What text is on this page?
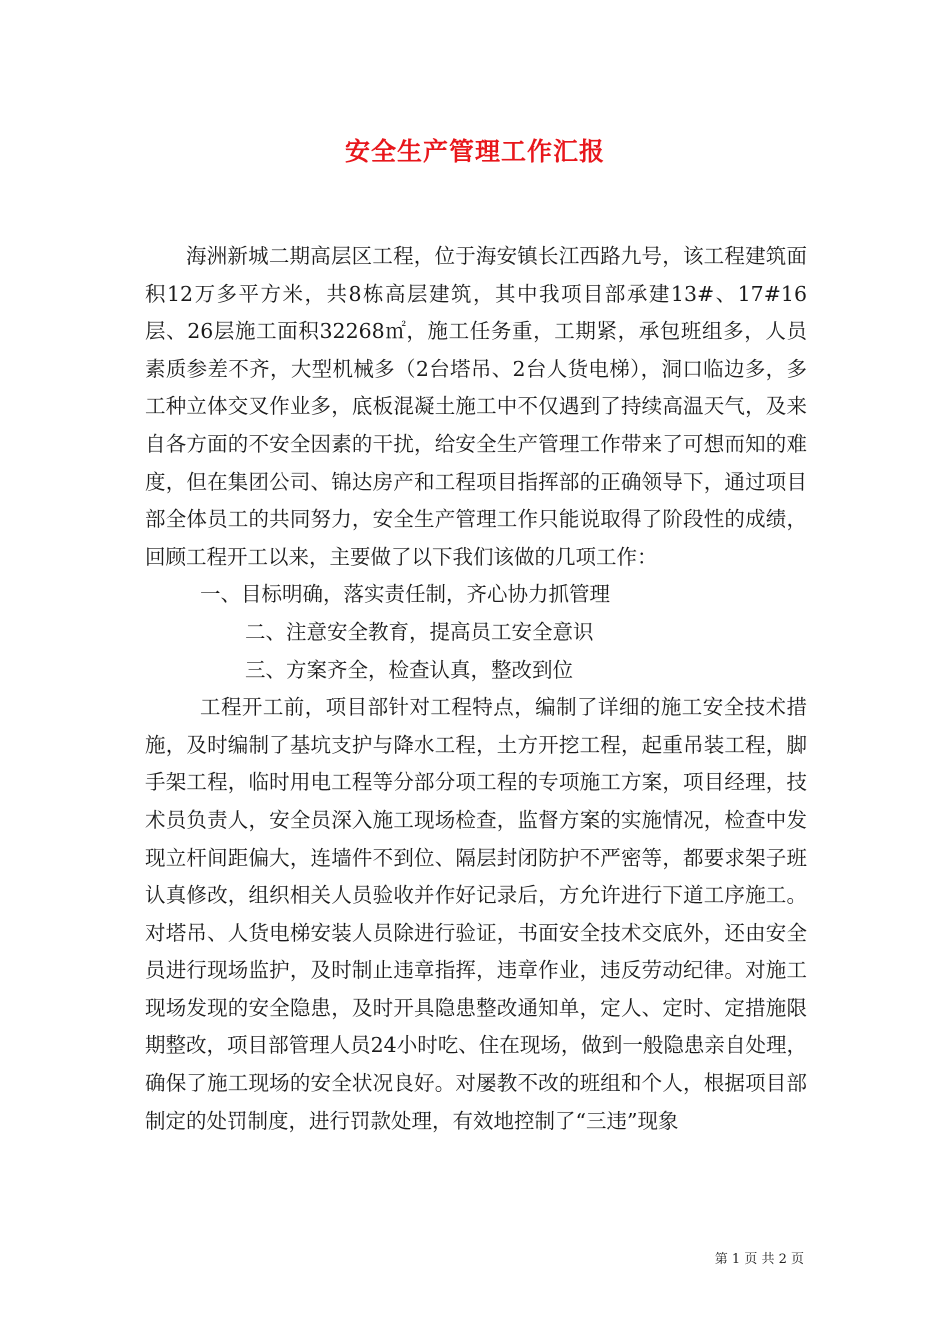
安全生产管理工作汇报

海洲新城二期高层区工程，位于海安镇长江西路九号，该工程建筑面积12万多平方米，共8栋高层建筑，其中我项目部承建13#、17#16层、26层施工面积32268㎡，施工任务重，工期紧，承包班组多，人员素质参差不齐，大型机械多（2台塔吊、2台人货电梯），洞口临边多，多工种立体交叉作业多，底板混凝土施工中不仅遇到了持续高温天气，及来自各方面的不安全因素的干扰，给安全生产管理工作带来了可想而知的难度，但在集团公司、锦达房产和工程项目指挥部的正确领导下，通过项目部全体员工的共同努力，安全生产管理工作只能说取得了阶段性的成绩，回顾工程开工以来，主要做了以下我们该做的几项工作：

一、目标明确，落实责任制，齐心协力抓管理

二、注意安全教育，提高员工安全意识

三、方案齐全，检查认真，整改到位

工程开工前，项目部针对工程特点，编制了详细的施工安全技术措施，及时编制了基坑支护与降水工程，土方开挖工程，起重吊装工程，脚手架工程，临时用电工程等分部分项工程的专项施工方案，项目经理，技术员负责人，安全员深入施工现场检查，监督方案的实施情况，检查中发现立杆间距偏大，连墙件不到位、隔层封闭防护不严密等，都要求架子班认真修改，组织相关人员验收并作好记录后，方允许进行下道工序施工。对塔吊、人货电梯安装人员除进行验证，书面安全技术交底外，还由安全员进行现场监护，及时制止违章指挥，违章作业，违反劳动纪律。对施工现场发现的安全隐患，及时开具隐患整改通知单，定人、定时、定措施限期整改，项目部管理人员24小时吃、住在现场，做到一般隐患亲自处理，确保了施工现场的安全状况良好。对屡教不改的班组和个人，根据项目部制定的处罚制度，进行罚款处理，有效地控制了“三违”现象

第 1 页 共 2 页
